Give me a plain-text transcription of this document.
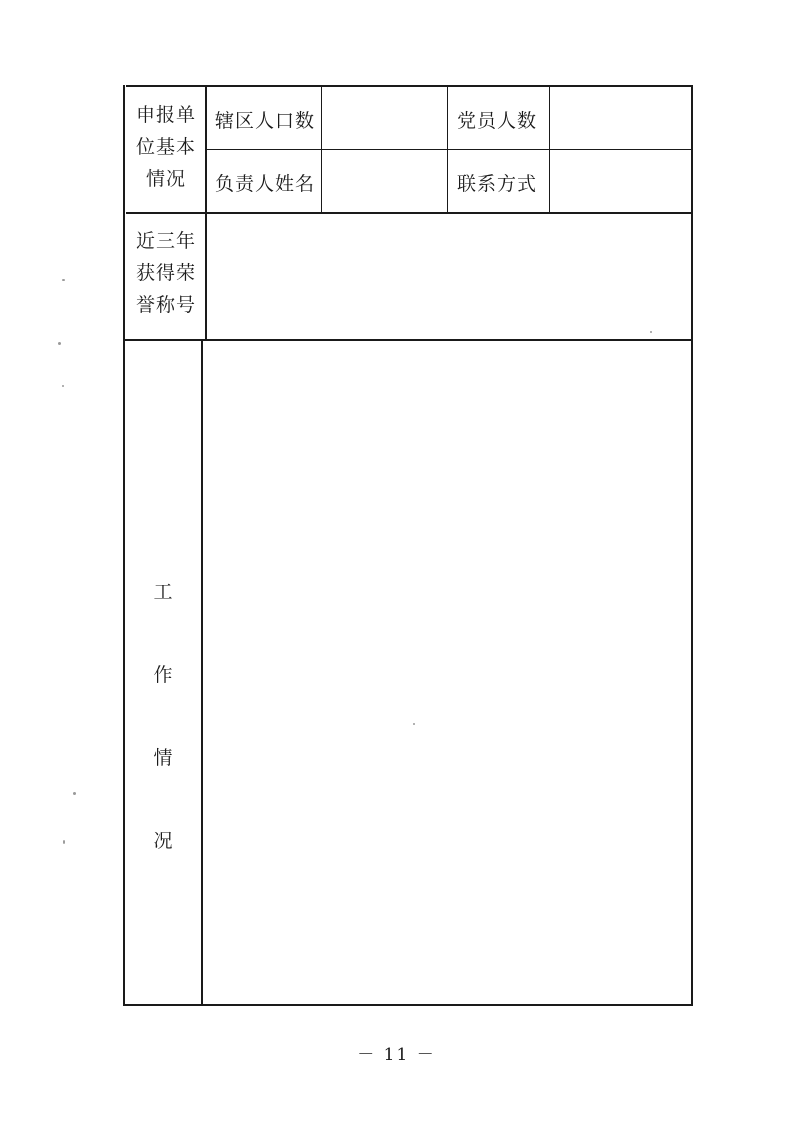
申报单
位基本
情况
辖区人口数	党员人数
负责人姓名	联系方式
近三年
获得荣
誉称号
工
作
情
况
－ 11 －
